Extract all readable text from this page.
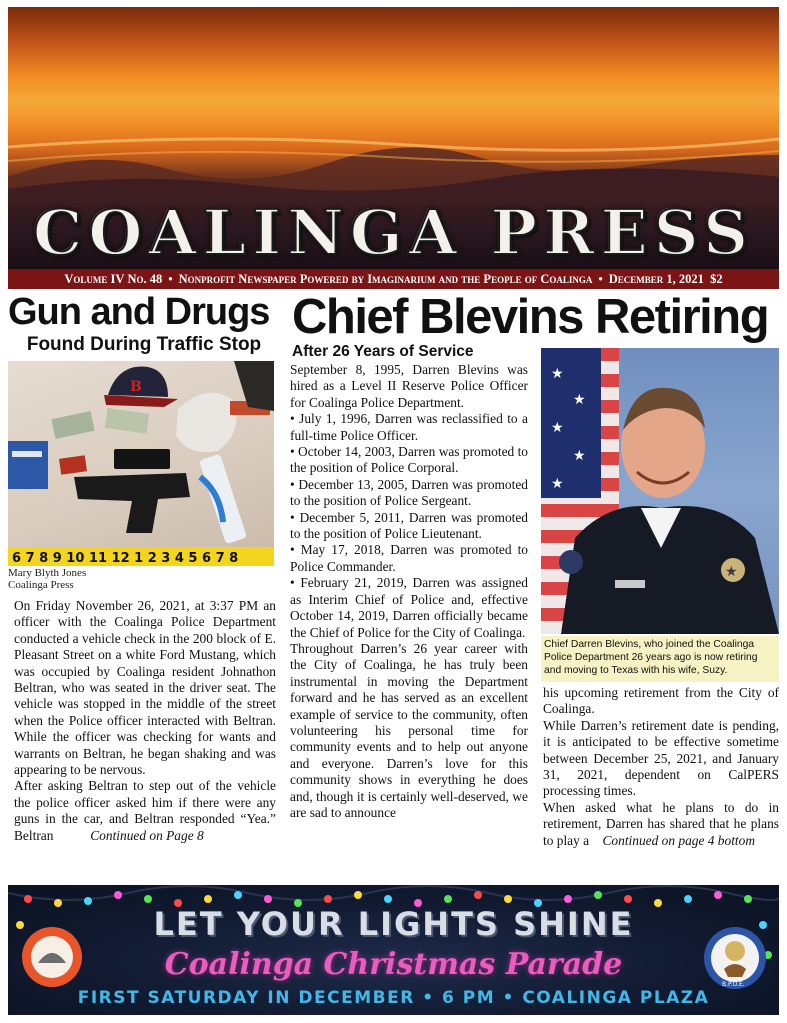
COALINGA PRESS
Volume IV
No. 48 • Nonprofit Newspaper Powered by Imaginarium and the People of Coalinga • December 1, 2021
$2
Gun and Drugs
Found During Traffic Stop
B
6 7 8 9 10 11 12 1 2 3 4 5 6 7 8
Mary Blyth Jones
Coalinga Press

On Friday November 26, 2021, at 3:37 PM an officer with the Coalinga Police Department conducted a vehicle check in the 200 block of E. Pleasant Street on a white Ford Mustang, which was occupied by Coalinga resident Johnathon Beltran, who was seated in the driver seat. The vehicle was stopped in the middle of the street when the Police officer interacted with Beltran. While the officer was checking for wants and warrants on Beltran, he began shaking and was appearing to be nervous.

After asking Beltran to step out of the vehicle the police officer asked him if there were any guns in the car, and Beltran responded “Yea.” Beltran	Continued on Page 8

Chief Blevins Retiring
After 26 Years of Service

September 8, 1995, Darren Blevins was hired as a Level II Reserve Police Officer for Coalinga Police Department.

• July 1, 1996, Darren was reclassified to a full-time Police Officer.

• October 14, 2003, Darren was promoted to the position of Police Corporal.

• December 13, 2005, Darren was promoted to the position of Police Sergeant.

• December 5, 2011, Darren was promoted to the position of Police Lieutenant.

• May 17, 2018, Darren was promoted to Police Commander.

• February 21, 2019, Darren was assigned as Interim Chief of Police and, effective October 14, 2019, Darren officially became the Chief of Police for the City of Coalinga.

Throughout Darren’s 26 year career with the City of Coalinga, he has truly been instrumental in moving the Department forward and he has served as an excellent example of service to the community, often volunteering his personal time for community events and to help out anyone and everyone. Darren’s love for this community shows in everything he does and, though it is certainly well-deserved, we are sad to announce

★
★
★
★
★
★
Chief Darren Blevins, who joined the Coalinga Police Department 26 years ago is now retiring and moving to Texas with his wife, Suzy.

his upcoming retirement from the City of Coalinga.

While Darren’s retirement date is pending, it is anticipated to be effective sometime between December 25, 2021, and January 31, 2021, dependent on CalPERS processing times.

When asked what he plans to do in retirement, Darren has shared that he plans to play a Continued on page 4 bottom

B.P.O.E.
LET YOUR LIGHTS SHINE
Coalinga Christmas Parade
FIRST SATURDAY IN DECEMBER • 6 PM • COALINGA PLAZA
